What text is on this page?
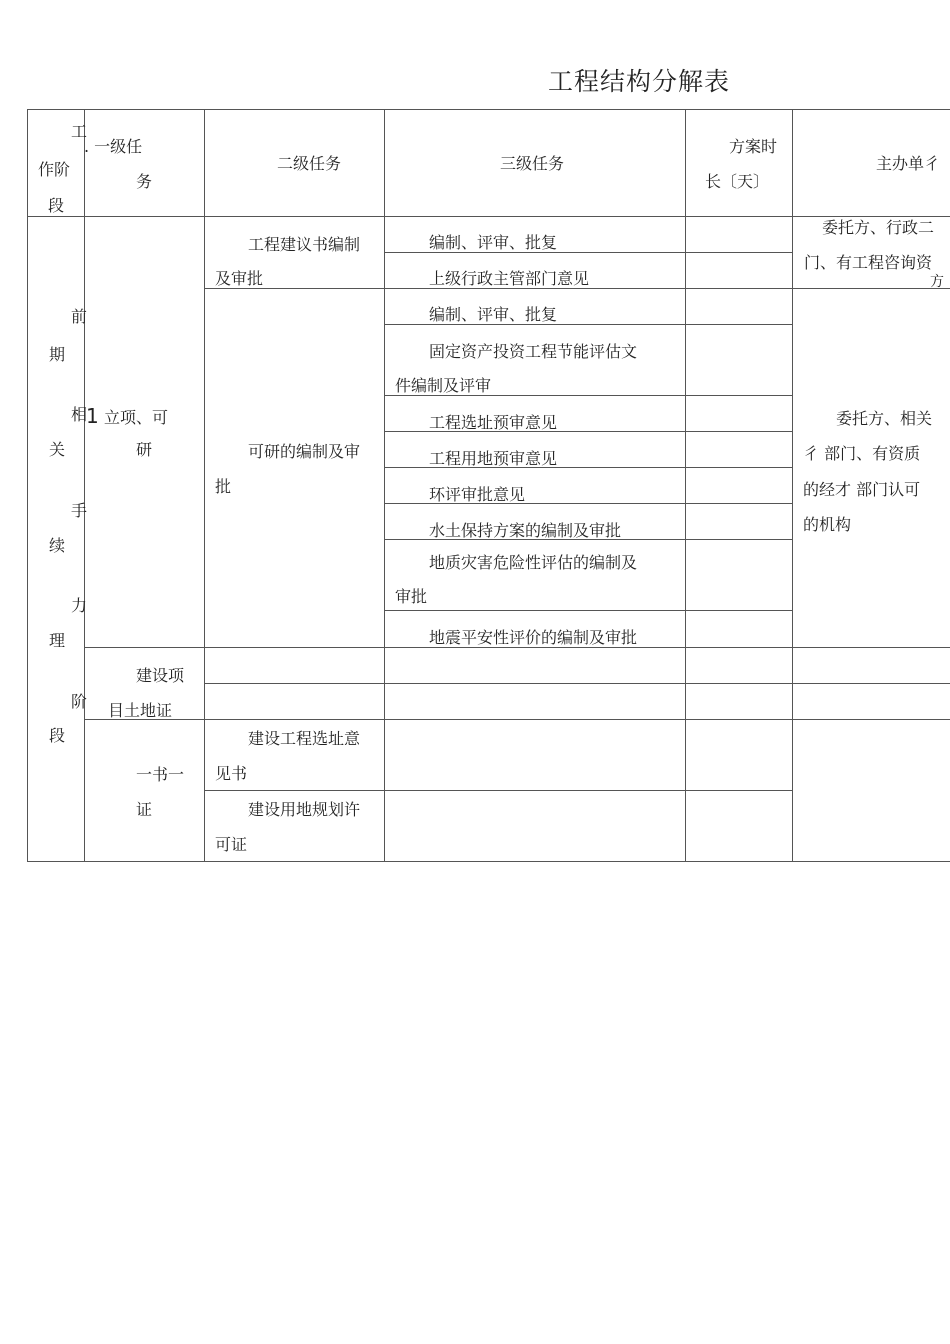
工程结构分解表
工
作阶
段
. 一级任
务
二级任务	三级任务
方案时
长〔天〕
主办单彳
前
期
相
关
手
续
力
理
阶
段
1 立项、可
研
建设项
目土地证
一书一
证
工程建议书编制
及审批
可研的编制及审
批
建设工程选址意
见书
建设用地规划许
可证
编制、评审、批复
上级行政主管部门意见
编制、评审、批复
固定资产投资工程节能评估文
件编制及评审
工程选址预审意见
工程用地预审意见
环评审批意见
水土保持方案的编制及审批
地质灾害危险性评估的编制及
审批
地震平安性评价的编制及审批
委托方、行政二
门、有工程咨询资
方
委托方、相关
彳 部门、有资质
的经才 部门认可
的机构
